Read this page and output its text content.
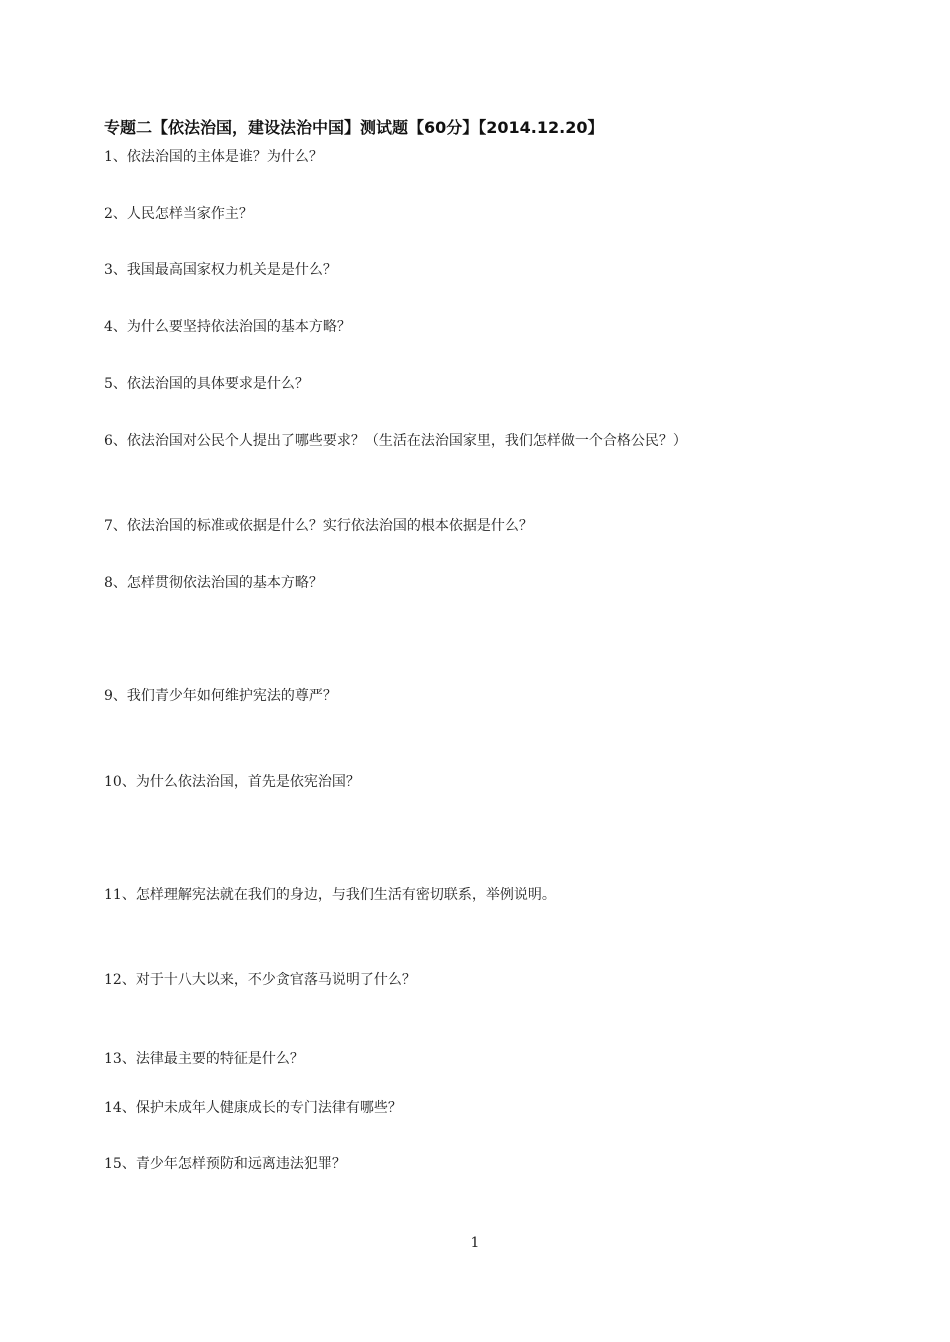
专题二【依法治国，建设法治中国】测试题【60分】【2014.12.20】
1、依法治国的主体是谁？为什么？
2、人民怎样当家作主？
3、我国最高国家权力机关是是什么？
4、为什么要坚持依法治国的基本方略？
5、依法治国的具体要求是什么？
6、依法治国对公民个人提出了哪些要求？（生活在法治国家里，我们怎样做一个合格公民？）
7、依法治国的标准或依据是什么？实行依法治国的根本依据是什么？
8、怎样贯彻依法治国的基本方略？
9、我们青少年如何维护宪法的尊严？
10、为什么依法治国，首先是依宪治国？
11、怎样理解宪法就在我们的身边，与我们生活有密切联系，举例说明。
12、对于十八大以来，不少贪官落马说明了什么？
13、法律最主要的特征是什么？
14、保护未成年人健康成长的专门法律有哪些？
15、青少年怎样预防和远离违法犯罪？
1
